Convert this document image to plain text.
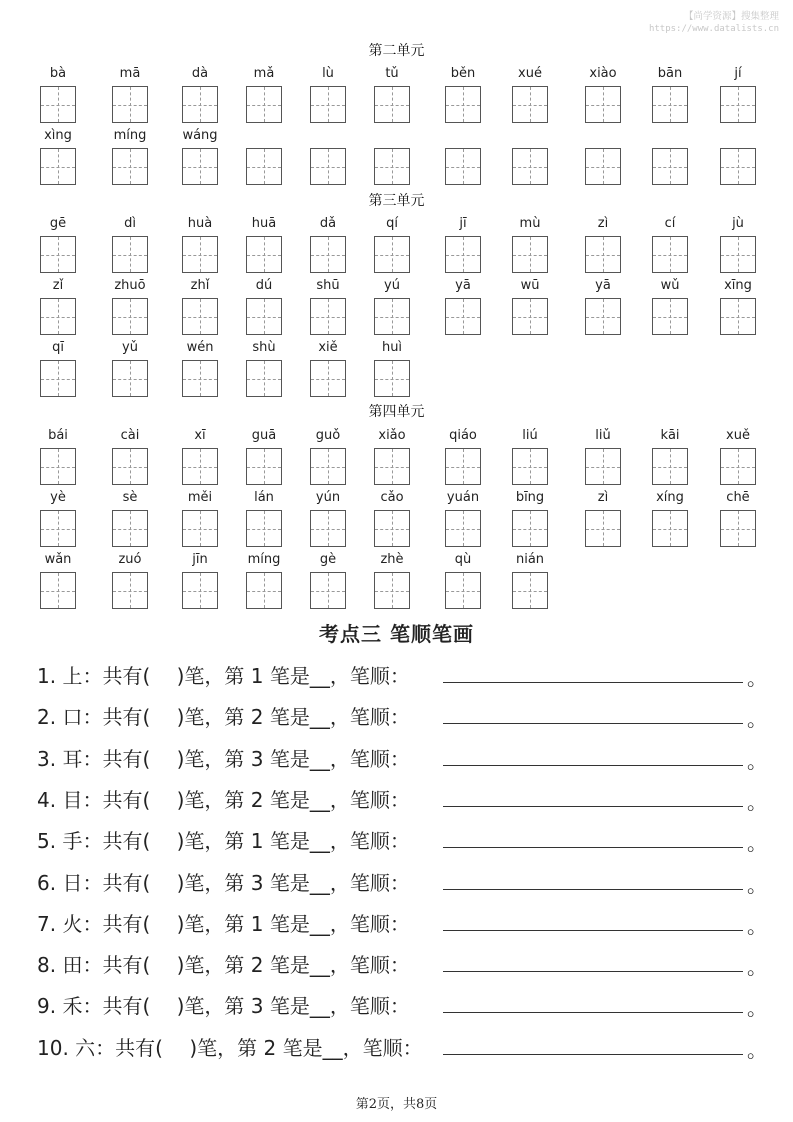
【尚学资源】搜集整理
https://www.datalists.cn
第二单元
bà	mā	dà	mǎ	lù	tǔ	běn	xué	xiào	bān	jí
xìng	míng	wáng
第三单元
gē	dì	huà	huā	dǎ	qí	jī	mù	zì	cí	jù
zǐ	zhuō	zhǐ	dú	shū	yú	yā	wū	yā	wǔ	xīng
qī	yǔ	wén	shù	xiě	huì
第四单元
bái	cài	xī	guā	guǒ	xiǎo	qiáo	liú	liǔ	kāi	xuě
yè	sè	měi	lán	yún	cǎo	yuán	bīng	zì	xíng	chē
wǎn	zuó	jīn	míng	gè	zhè	qù	nián
考点三 笔顺笔画
1. 上：共有(　 )笔，第 1 笔是__，笔顺：	。
2. 口：共有(　 )笔，第 2 笔是__，笔顺：	。
3. 耳：共有(　 )笔，第 3 笔是__，笔顺：	。
4. 目：共有(　 )笔，第 2 笔是__，笔顺：	。
5. 手：共有(　 )笔，第 1 笔是__，笔顺：	。
6. 日：共有(　 )笔，第 3 笔是__，笔顺：	。
7. 火：共有(　 )笔，第 1 笔是__，笔顺：	。
8. 田：共有(　 )笔，第 2 笔是__，笔顺：	。
9. 禾：共有(　 )笔，第 3 笔是__，笔顺：	。
10. 六：共有(　 )笔，第 2 笔是__，笔顺：	。
第2页，共8页
